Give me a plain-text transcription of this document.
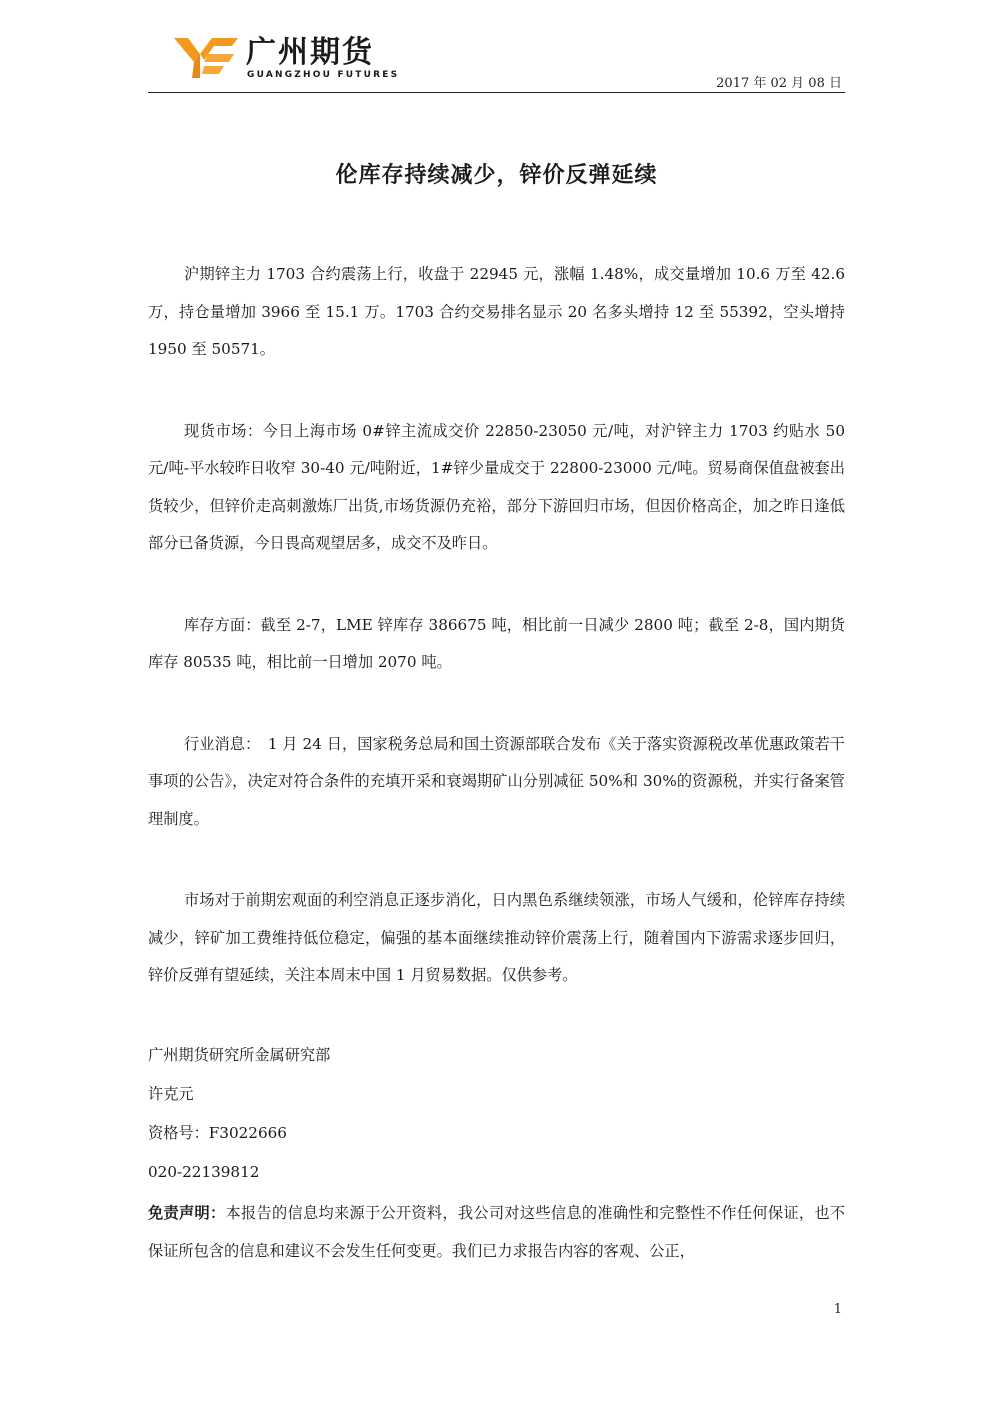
广州期货
GUANGZHOU FUTURES
2017 年 02 月 08 日
伦库存持续减少，锌价反弹延续

沪期锌主力 1703 合约震荡上行，收盘于 22945 元，涨幅 1.48%，成交量增加 10.6 万至 42.6 万，持仓量增加 3966 至 15.1 万。1703 合约交易排名显示 20 名多头增持 12 至 55392，空头增持 1950 至 50571。

现货市场：今日上海市场 0#锌主流成交价 22850-23050 元/吨，对沪锌主力 1703 约贴水 50 元/吨-平水较昨日收窄 30-40 元/吨附近，1#锌少量成交于 22800-23000 元/吨。贸易商保值盘被套出货较少，但锌价走高刺激炼厂出货,市场货源仍充裕，部分下游回归市场，但因价格高企，加之昨日逢低部分已备货源，今日畏高观望居多，成交不及昨日。

库存方面：截至 2-7，LME 锌库存 386675 吨，相比前一日减少 2800 吨；截至 2-8，国内期货库存 80535 吨，相比前一日增加 2070 吨。

行业消息：　1 月 24 日，国家税务总局和国土资源部联合发布《关于落实资源税改革优惠政策若干事项的公告》，决定对符合条件的充填开采和衰竭期矿山分别减征 50%和 30%的资源税，并实行备案管理制度。

市场对于前期宏观面的利空消息正逐步消化，日内黑色系继续领涨，市场人气缓和，伦锌库存持续减少，锌矿加工费维持低位稳定，偏强的基本面继续推动锌价震荡上行，随着国内下游需求逐步回归，锌价反弹有望延续，关注本周末中国 1 月贸易数据。仅供参考。

广州期货研究所金属研究部
许克元
资格号：F3022666
020-22139812
免责声明：本报告的信息均来源于公开资料，我公司对这些信息的准确性和完整性不作任何保证，也不保证所包含的信息和建议不会发生任何变更。我们已力求报告内容的客观、公正，
1
